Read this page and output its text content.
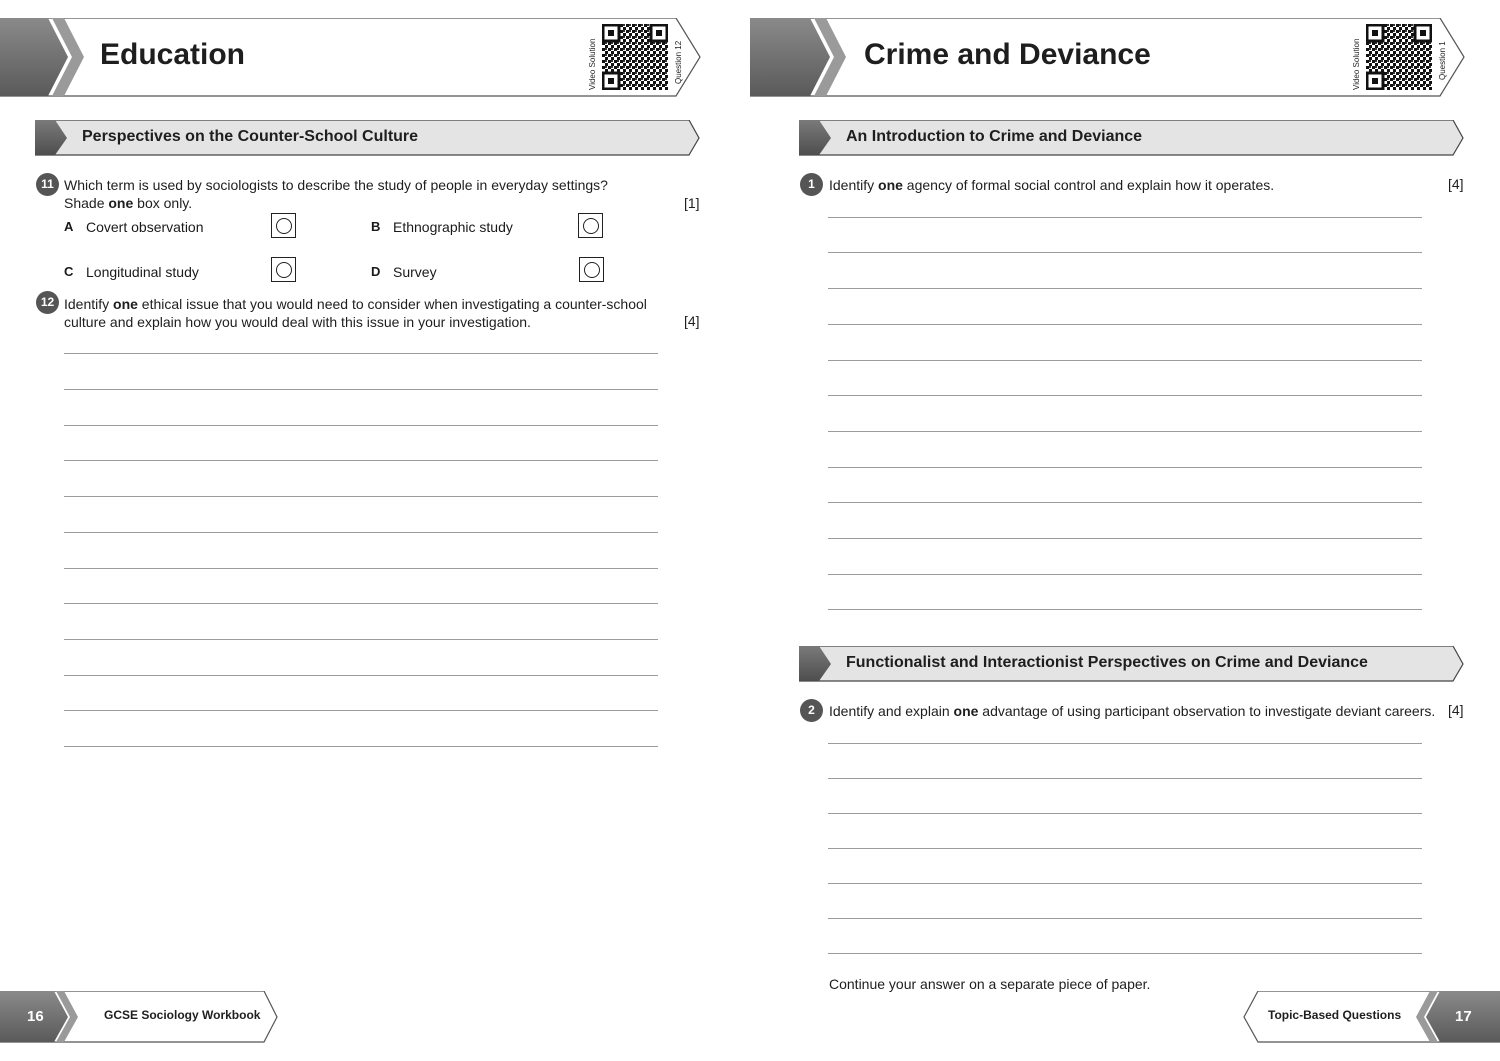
Education	Video Solution	Question 12
Perspectives on the Counter-School Culture
11 Which term is used by sociologists to describe the study of people in everyday settings?
Shade one box only.	[1]
A Covert observation	B Ethnographic study
C Longitudinal study	D Survey
12 Identify one ethical issue that you would need to consider when investigating a counter-school
culture and explain how you would deal with this issue in your investigation.	[4]
16	GCSE Sociology Workbook
Crime and Deviance	Video Solution	Question 1
An Introduction to Crime and Deviance
1	Identify one agency of formal social control and explain how it operates.	[4]
Functionalist and Interactionist Perspectives on Crime and Deviance
2	Identify and explain one advantage of using participant observation to investigate deviant careers. [4]
Continue your answer on a separate piece of paper.
Topic-Based Questions	17
